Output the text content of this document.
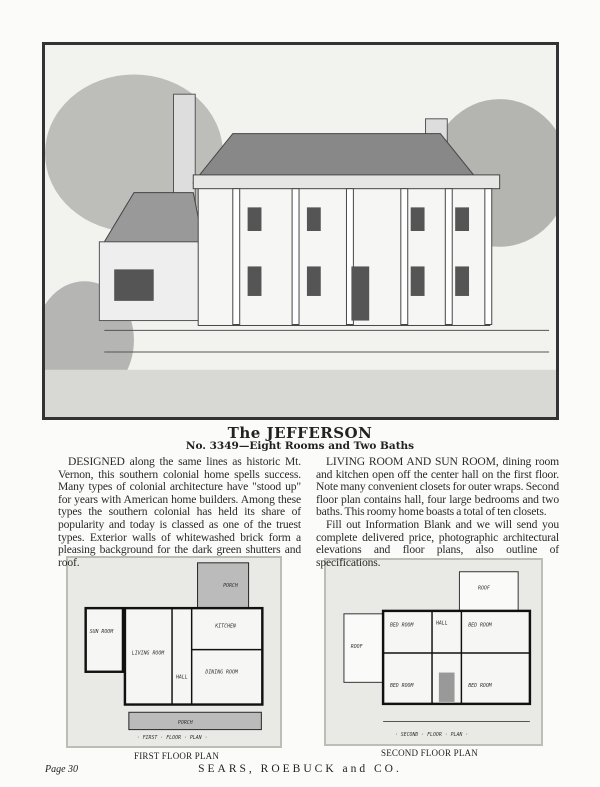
The JEFFERSON
No. 3349—Eight Rooms and Two Baths

DESIGNED along the same lines as historic Mt. Vernon, this southern colonial home spells success. Many types of colonial architecture have "stood up" for years with American home builders. Among these types the southern colonial has held its share of popularity and today is classed as one of the truest types. Exterior walls of whitewashed brick form a pleasing background for the dark green shutters and roof.

LIVING ROOM AND SUN ROOM, dining room and kitchen open off the center hall on the first floor. Note many convenient closets for outer wraps. Second floor plan contains hall, four large bedrooms and two baths. This roomy home boasts a total of ten closets.

Fill out Information Blank and we will send you complete delivered price, photographic architectural elevations and floor plans, also outline of specifications.

PORCH
SUN ROOM
LIVING ROOM
KITCHEN
DINING ROOM
HALL
PORCH
· FIRST · FLOOR · PLAN ·
FIRST FLOOR PLAN
ROOF
ROOF
BED ROOM	BED ROOM
BED ROOM	BED ROOM
HALL
· SECOND · FLOOR · PLAN ·
SECOND FLOOR PLAN
Page 30	SEARS, ROEBUCK and CO.
